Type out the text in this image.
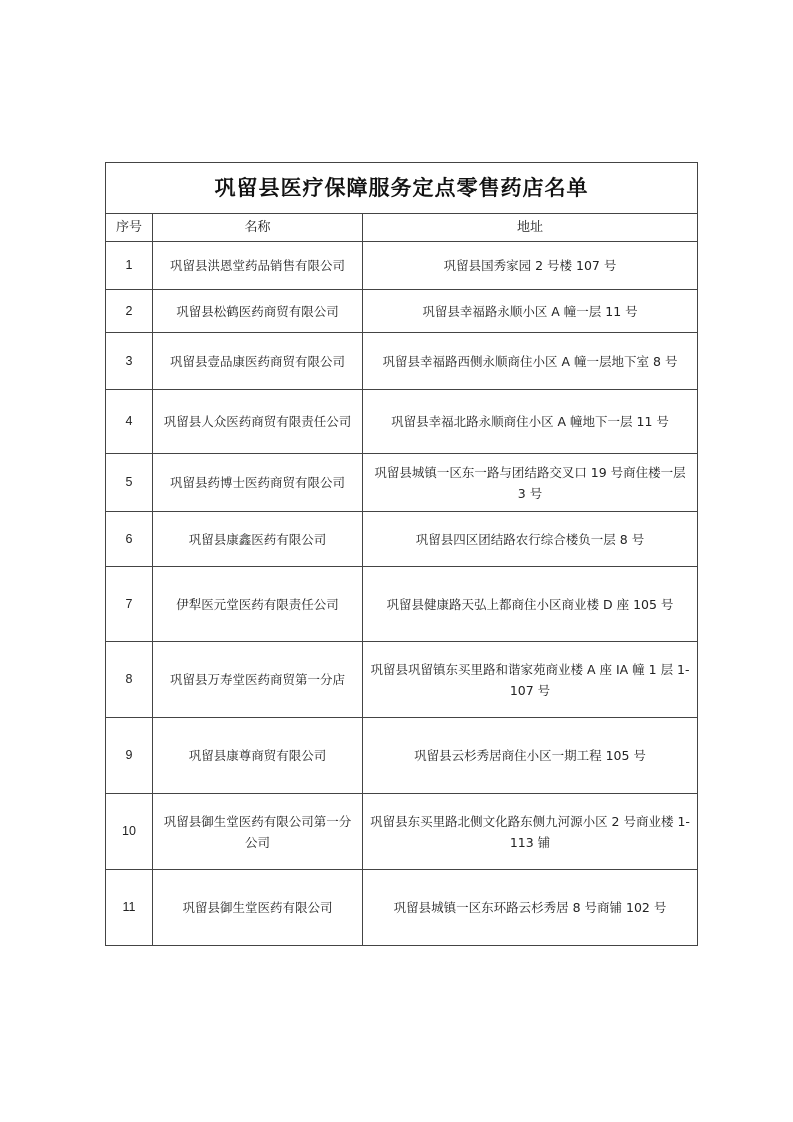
巩留县医疗保障服务定点零售药店名单		
序号	名称	地址
1	巩留县洪恩堂药品销售有限公司	巩留县国秀家园 2 号楼 107 号
2	巩留县松鹤医药商贸有限公司	巩留县幸福路永顺小区 A 幢一层 11 号
3	巩留县壹品康医药商贸有限公司	巩留县幸福路西侧永顺商住小区 A 幢一层地下室 8 号
4	巩留县人众医药商贸有限责任公司	巩留县幸福北路永顺商住小区 A 幢地下一层 11 号
5	巩留县药博士医药商贸有限公司	巩留县城镇一区东一路与团结路交叉口 19 号商住楼一层 3 号
6	巩留县康鑫医药有限公司	巩留县四区团结路农行综合楼负一层 8 号
7	伊犁医元堂医药有限责任公司	巩留县健康路天弘上都商住小区商业楼 D 座 105 号
8	巩留县万寿堂医药商贸第一分店	巩留县巩留镇东买里路和谐家苑商业楼 A 座 IA 幢 1 层 1-107 号
9	巩留县康尊商贸有限公司	巩留县云杉秀居商住小区一期工程 105 号
10	巩留县御生堂医药有限公司第一分公司	巩留县东买里路北侧文化路东侧九河源小区 2 号商业楼 1-113 铺
11	巩留县御生堂医药有限公司	巩留县城镇一区东环路云杉秀居 8 号商铺 102 号
